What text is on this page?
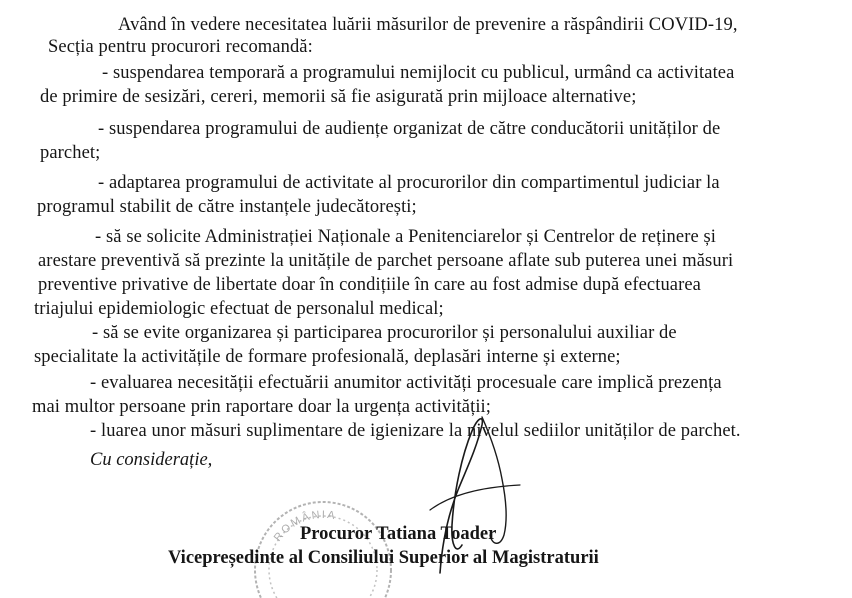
Având în vedere necesitatea luării măsurilor de prevenire a răspândirii COVID-19,
Secția pentru procurori recomandă:
- suspendarea temporară a programului nemijlocit cu publicul, urmând ca activitatea
de primire de sesizări, cereri, memorii să fie asigurată prin mijloace alternative;
- suspendarea programului de audiențe organizat de către conducătorii unităților de
parchet;
- adaptarea programului de activitate al procurorilor din compartimentul judiciar la
programul stabilit de către instanțele judecătorești;
- să se solicite Administrației Naționale a Penitenciarelor și Centrelor de reținere și
arestare preventivă să prezinte la unitățile de parchet persoane aflate sub puterea unei măsuri
preventive privative de libertate doar în condițiile în care au fost admise după efectuarea
triajului epidemiologic efectuat de personalul medical;
- să se evite organizarea și participarea procurorilor și personalului auxiliar de
specialitate la activitățile de formare profesională, deplasări interne și externe;
- evaluarea necesității efectuării anumitor activități procesuale care implică prezența
mai multor persoane prin raportare doar la urgența activității;
- luarea unor măsuri suplimentare de igienizare la nivelul sediilor unităților de parchet.
Cu considerație,
ROMÂNIA
Procuror Tatiana Toader
Vicepreședinte al Consiliului Superior al Magistraturii
